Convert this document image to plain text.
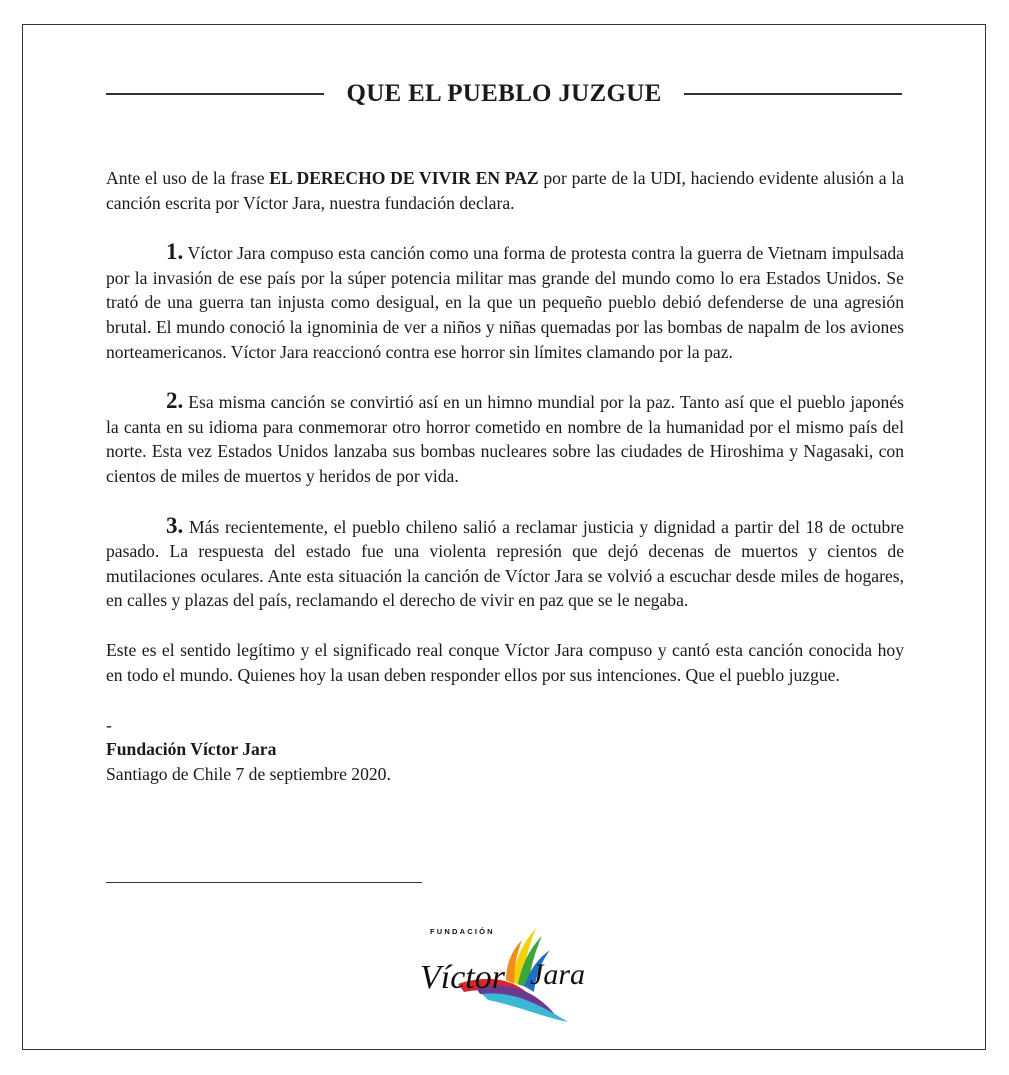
QUE EL PUEBLO JUZGUE

Ante el uso de la frase EL DERECHO DE VIVIR EN PAZ por parte de la UDI, haciendo evidente alusión a la canción escrita por Víctor Jara, nuestra fundación declara.

1. Víctor Jara compuso esta canción como una forma de protesta contra la guerra de Vietnam impulsada por la invasión de ese país por la súper potencia militar mas grande del mundo como lo era Estados Unidos. Se trató de una guerra tan injusta como desigual, en la que un pequeño pueblo debió defenderse de una agresión brutal. El mundo conoció la ignominia de ver a niños y niñas quemadas por las bombas de napalm de los aviones norteamericanos. Víctor Jara reaccionó contra ese horror sin límites clamando por la paz.

2. Esa misma canción se convirtió así en un himno mundial por la paz. Tanto así que el pueblo japonés la canta en su idioma para conmemorar otro horror cometido en nombre de la humanidad por el mismo país del norte. Esta vez Estados Unidos lanzaba sus bombas nucleares sobre las ciudades de Hiroshima y Nagasaki, con cientos de miles de muertos y heridos de por vida.

3. Más recientemente, el pueblo chileno salió a reclamar justicia y dignidad a partir del 18 de octubre pasado. La respuesta del estado fue una violenta represión que dejó decenas de muertos y cientos de mutilaciones oculares. Ante esta situación la canción de Víctor Jara se volvió a escuchar desde miles de hogares, en calles y plazas del país, reclamando el derecho de vivir en paz que se le negaba.

Este es el sentido legítimo y el significado real conque Víctor Jara compuso y cantó esta canción conocida hoy en todo el mundo. Quienes hoy la usan deben responder ellos por sus intenciones. Que el pueblo juzgue.

-

Fundación Víctor Jara

Santiago de Chile 7 de septiembre 2020.

FUNDACIÓN
Víctor Jara
